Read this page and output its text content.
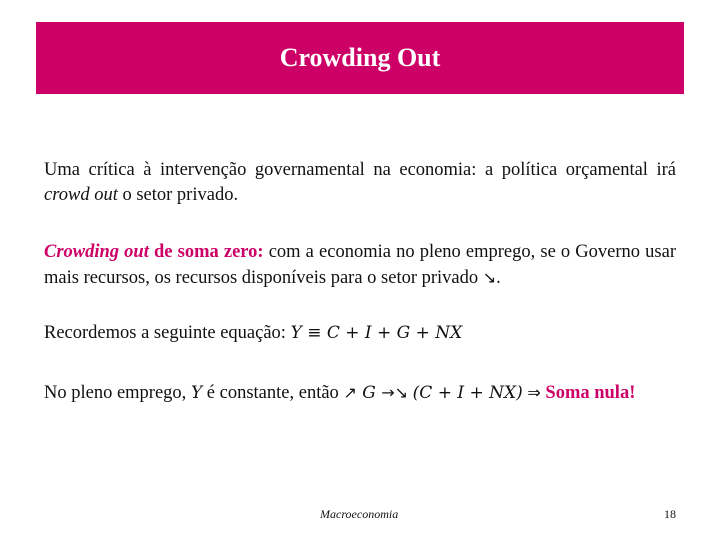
Crowding Out
Uma crítica à intervenção governamental na economia: a política orçamental irá crowd out o setor privado.
Crowding out de soma zero: com a economia no pleno emprego, se o Governo usar mais recursos, os recursos disponíveis para o setor privado ↘.
Recordemos a seguinte equação: Y ≡ C + I + G + NX
No pleno emprego, Y é constante, então ↗ G →↘ (C + I + NX) ⇒ Soma nula!
Macroeconomia	18
